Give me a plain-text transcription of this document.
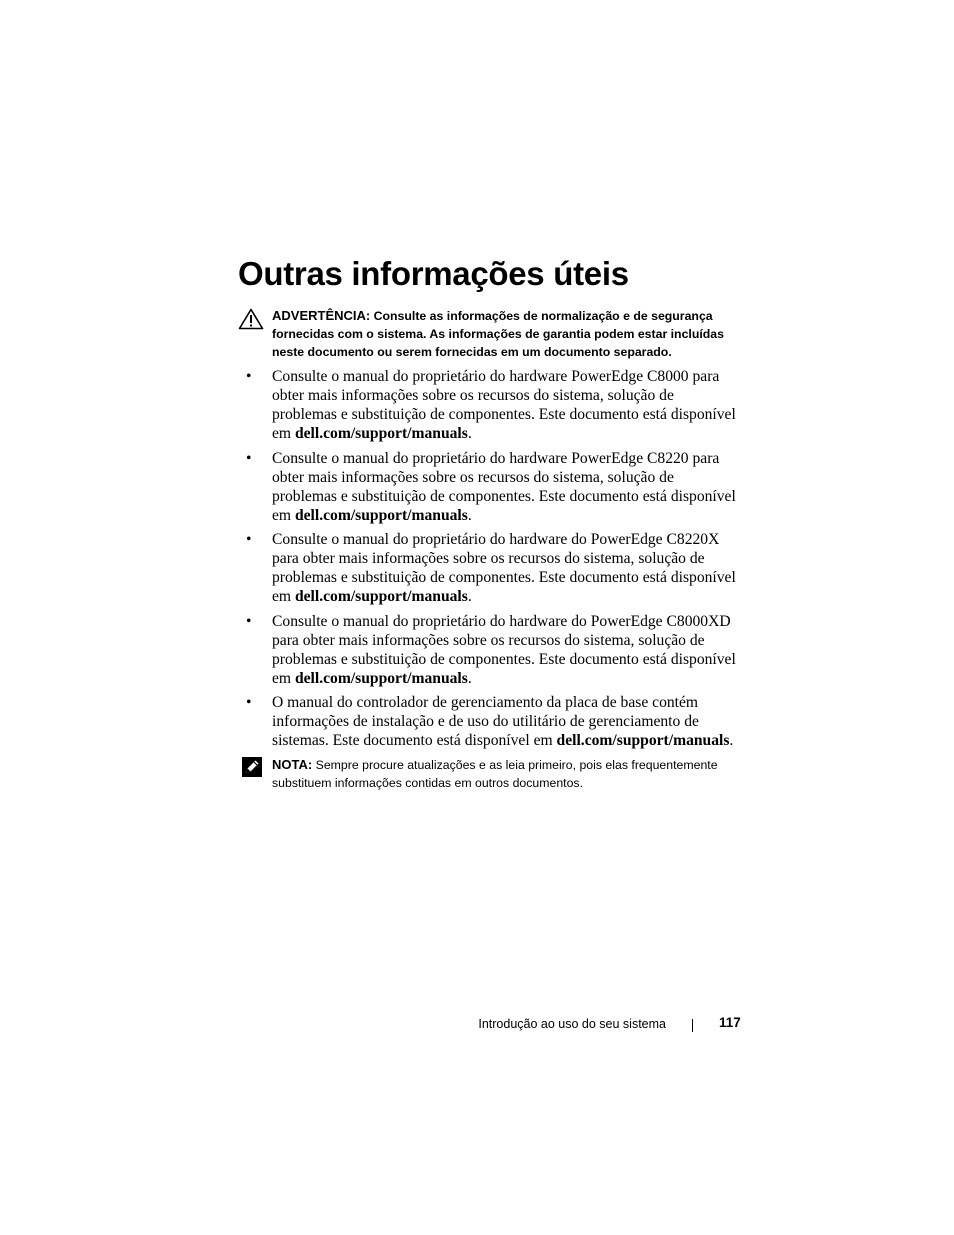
Outras informações úteis
ADVERTÊNCIA: Consulte as informações de normalização e de segurança fornecidas com o sistema. As informações de garantia podem estar incluídas neste documento ou serem fornecidas em um documento separado.
• Consulte o manual do proprietário do hardware PowerEdge C8000 para obter mais informações sobre os recursos do sistema, solução de problemas e substituição de componentes. Este documento está disponível em dell.com/support/manuals.
• Consulte o manual do proprietário do hardware PowerEdge C8220 para obter mais informações sobre os recursos do sistema, solução de problemas e substituição de componentes. Este documento está disponível em dell.com/support/manuals.
• Consulte o manual do proprietário do hardware do PowerEdge C8220X para obter mais informações sobre os recursos do sistema, solução de problemas e substituição de componentes. Este documento está disponível em dell.com/support/manuals.
• Consulte o manual do proprietário do hardware do PowerEdge C8000XD para obter mais informações sobre os recursos do sistema, solução de problemas e substituição de componentes. Este documento está disponível em dell.com/support/manuals.
• O manual do controlador de gerenciamento da placa de base contém informações de instalação e de uso do utilitário de gerenciamento de sistemas. Este documento está disponível em dell.com/support/manuals.
NOTA: Sempre procure atualizações e as leia primeiro, pois elas frequentemente substituem informações contidas em outros documentos.
Introdução ao uso do seu sistema	117
